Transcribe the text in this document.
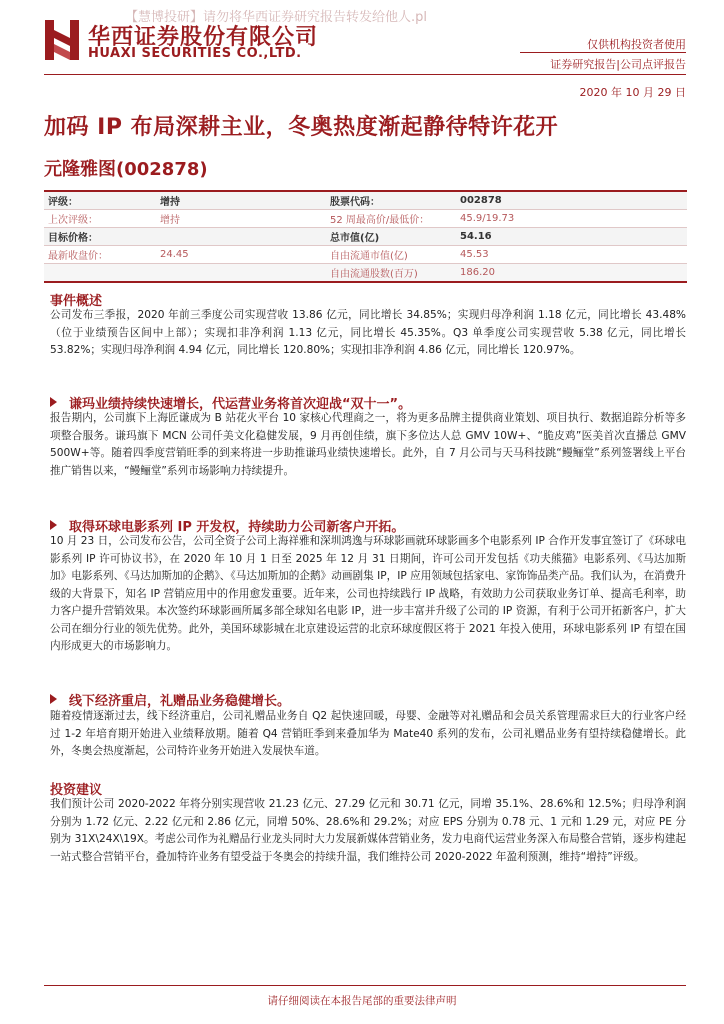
【慧博投研】请勿将华西证券研究报告转发给他人.pl
华西证券股份有限公司
HUAXI SECURITIES CO.,LTD.
仅供机构投资者使用
证券研究报告|公司点评报告
2020 年 10 月 29 日
加码 IP 布局深耕主业，冬奥热度渐起静待特许花开
元隆雅图(002878)
评级：	增持	股票代码：	002878
上次评级：	增持	52 周最高价/最低价：	45.9/19.73
目标价格：		总市值(亿)	54.16
最新收盘价：	24.45	自由流通市值(亿)	45.53
		自由流通股数(百万)	186.20
事件概述
公司发布三季报，2020 年前三季度公司实现营收 13.86 亿元，同比增长 34.85%；实现归母净利润 1.18 亿元，同比增长 43.48%（位于业绩预告区间中上部）；实现扣非净利润 1.13 亿元，同比增长 45.35%。Q3 单季度公司实现营收 5.38 亿元，同比增长 53.82%；实现归母净利润 4.94 亿元，同比增长 120.80%；实现扣非净利润 4.86 亿元，同比增长 120.97%。
谦玛业绩持续快速增长，代运营业务将首次迎战“双十一”。
报告期内，公司旗下上海匠谦成为 B 站花火平台 10 家核心代理商之一，将为更多品牌主提供商业策划、项目执行、数据追踪分析等多项整合服务。谦玛旗下 MCN 公司仟美文化稳健发展，9 月再创佳绩，旗下多位达人总 GMV 10W+、“脆皮鸡”医美首次直播总 GMV 500W+等。随着四季度营销旺季的到来将进一步助推谦玛业绩快速增长。此外，自 7 月公司与天马科技跳“鳗鲡堂”系列签署线上平台推广销售以来，“鳗鲡堂”系列市场影响力持续提升。
取得环球电影系列 IP 开发权，持续助力公司新客户开拓。
10 月 23 日，公司发布公告，公司全资子公司上海祥雅和深圳鸿逸与环球影画就环球影画多个电影系列 IP 合作开发事宜签订了《环球电影系列 IP 许可协议书》，在 2020 年 10 月 1 日至 2025 年 12 月 31 日期间，许可公司开发包括《功夫熊猫》电影系列、《马达加斯加》电影系列、《马达加斯加的企鹅》、《马达加斯加的企鹅》动画剧集 IP，IP 应用领域包括家电、家饰饰品类产品。我们认为，在消费升级的大背景下，知名 IP 营销应用中的作用愈发重要。近年来，公司也持续践行 IP 战略，有效助力公司获取业务订单、提高毛利率，助力客户提升营销效果。本次签约环球影画所属多部全球知名电影 IP，进一步丰富并升级了公司的 IP 资源，有利于公司开拓新客户，扩大公司在细分行业的领先优势。此外，美国环球影城在北京建设运营的北京环球度假区将于 2021 年投入使用，环球电影系列 IP 有望在国内形成更大的市场影响力。
线下经济重启，礼赠品业务稳健增长。
随着疫情逐渐过去，线下经济重启，公司礼赠品业务自 Q2 起快速回暖，母婴、金融等对礼赠品和会员关系管理需求巨大的行业客户经过 1-2 年培育期开始进入业绩释放期。随着 Q4 营销旺季到来叠加华为 Mate40 系列的发布，公司礼赠品业务有望持续稳健增长。此外，冬奥会热度渐起，公司特许业务开始进入发展快车道。
投资建议
我们预计公司 2020-2022 年将分别实现营收 21.23 亿元、27.29 亿元和 30.71 亿元，同增 35.1%、28.6%和 12.5%；归母净利润分别为 1.72 亿元、2.22 亿元和 2.86 亿元，同增 50%、28.6%和 29.2%；对应 EPS 分别为 0.78 元、1 元和 1.29 元，对应 PE 分别为 31X\24X\19X。考虑公司作为礼赠品行业龙头同时大力发展新媒体营销业务，发力电商代运营业务深入布局整合营销，逐步构建起一站式整合营销平台，叠加特许业务有望受益于冬奥会的持续升温，我们维持公司 2020-2022 年盈利预测，维持“增持”评级。
请仔细阅读在本报告尾部的重要法律声明
